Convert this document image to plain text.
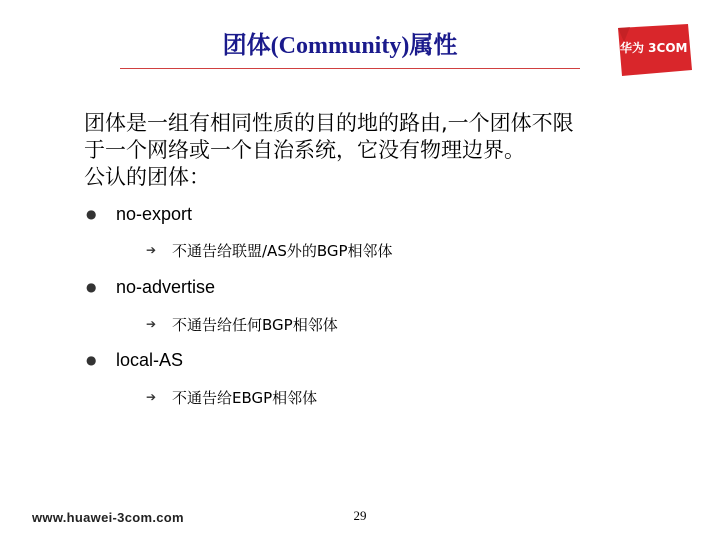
团体(Community)属性	华为 3COM
团体是一组有相同性质的目的地的路由,一个团体不限
于一个网络或一个自治系统，它没有物理边界。
公认的团体：
● no-export
➔ 不通告给联盟/AS外的BGP相邻体
● no-advertise
➔ 不通告给任何BGP相邻体
● local-AS
➔ 不通告给EBGP相邻体
www.huawei-3com.com	29
